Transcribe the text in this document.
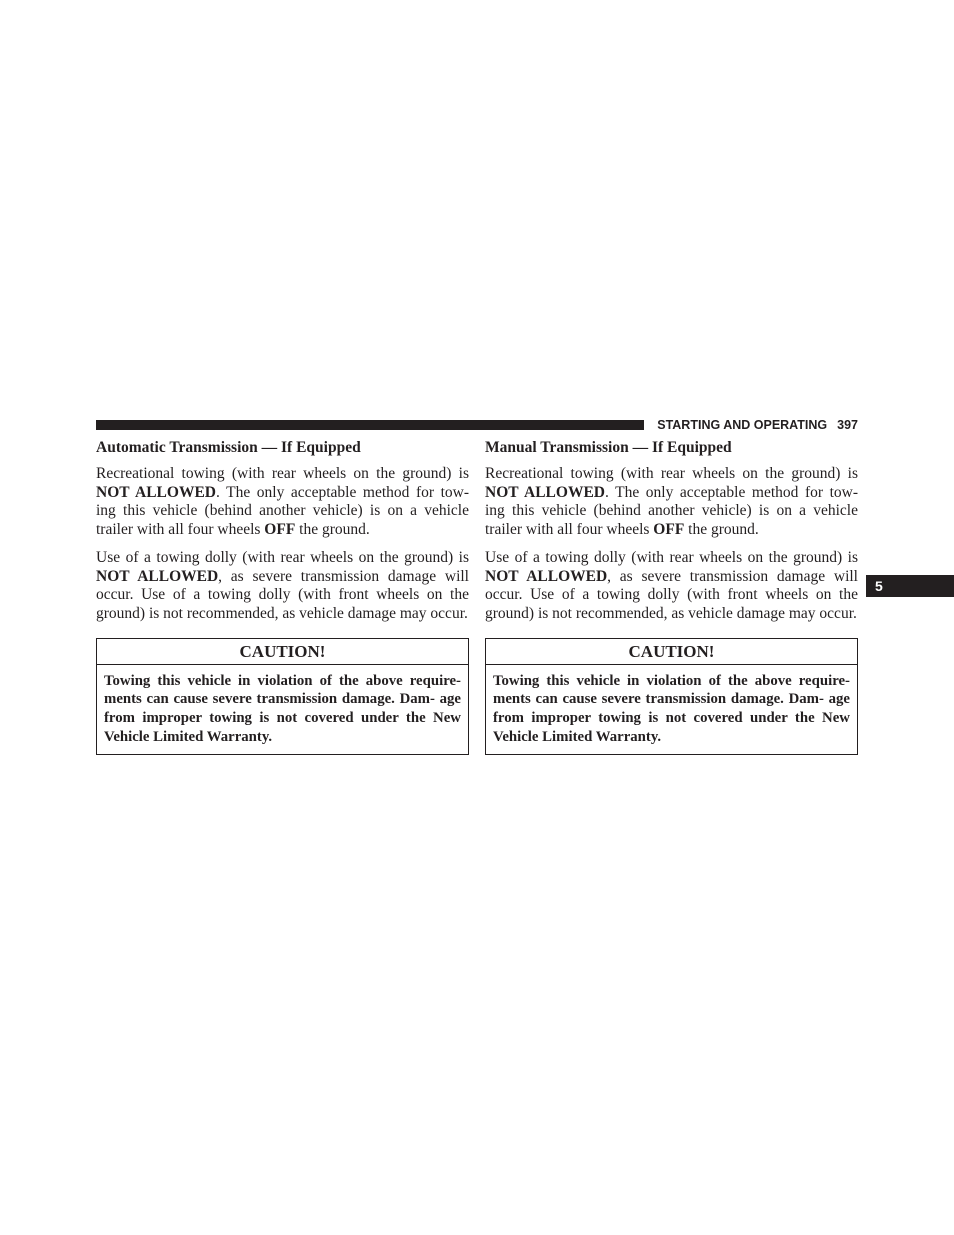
STARTING AND OPERATING 397
5
Automatic Transmission — If Equipped

Recreational towing (with rear wheels on the ground) is NOT ALLOWED. The only acceptable method for tow- ing this vehicle (behind another vehicle) is on a vehicle trailer with all four wheels OFF the ground.

Use of a towing dolly (with rear wheels on the ground) is NOT ALLOWED, as severe transmission damage will occur. Use of a towing dolly (with front wheels on the ground) is not recommended, as vehicle damage may occur.

CAUTION!
Towing this vehicle in violation of the above require- ments can cause severe transmission damage. Dam- age from improper towing is not covered under the New Vehicle Limited Warranty.
Manual Transmission — If Equipped

Recreational towing (with rear wheels on the ground) is NOT ALLOWED. The only acceptable method for tow- ing this vehicle (behind another vehicle) is on a vehicle trailer with all four wheels OFF the ground.

Use of a towing dolly (with rear wheels on the ground) is NOT ALLOWED, as severe transmission damage will occur. Use of a towing dolly (with front wheels on the ground) is not recommended, as vehicle damage may occur.

CAUTION!
Towing this vehicle in violation of the above require- ments can cause severe transmission damage. Dam- age from improper towing is not covered under the New Vehicle Limited Warranty.
